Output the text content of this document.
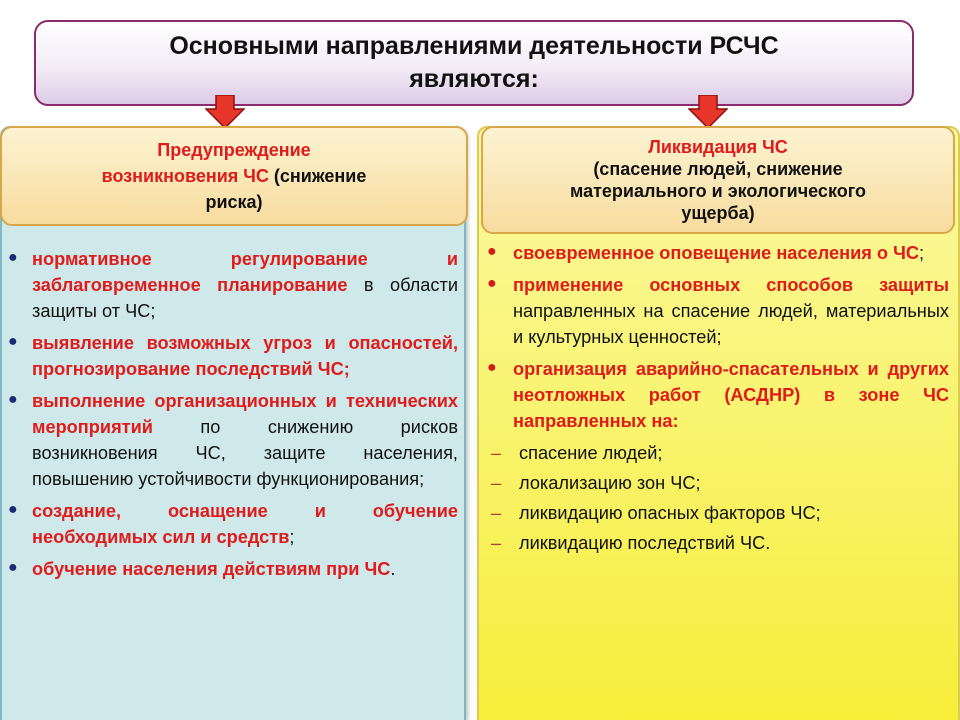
Основными направлениями деятельности РСЧС
являются:
Предупреждение
возникновения ЧС (снижение
риска)
● нормативное регулирование и заблаговременное планирование в области защиты от ЧС;
● выявление возможных угроз и опасностей, прогнозирование последствий ЧС;
● выполнение организационных и технических мероприятий по снижению рисков возникновения ЧС, защите населения, повышению устойчивости функционирования;
● создание, оснащение и обучение необходимых сил и средств;
● обучение населения действиям при ЧС.
Ликвидация ЧС
(спасение людей, снижение
материального и экологического
ущерба)
● своевременное оповещение населения о ЧС;
● применение основных способов защиты направленных на спасение людей, материальных и культурных ценностей;
● организация аварийно-спасательных и других неотложных работ (АСДНР) в зоне ЧС направленных на:
– спасение людей;
– локализацию зон ЧС;
– ликвидацию опасных факторов ЧС;
– ликвидацию последствий ЧС.
